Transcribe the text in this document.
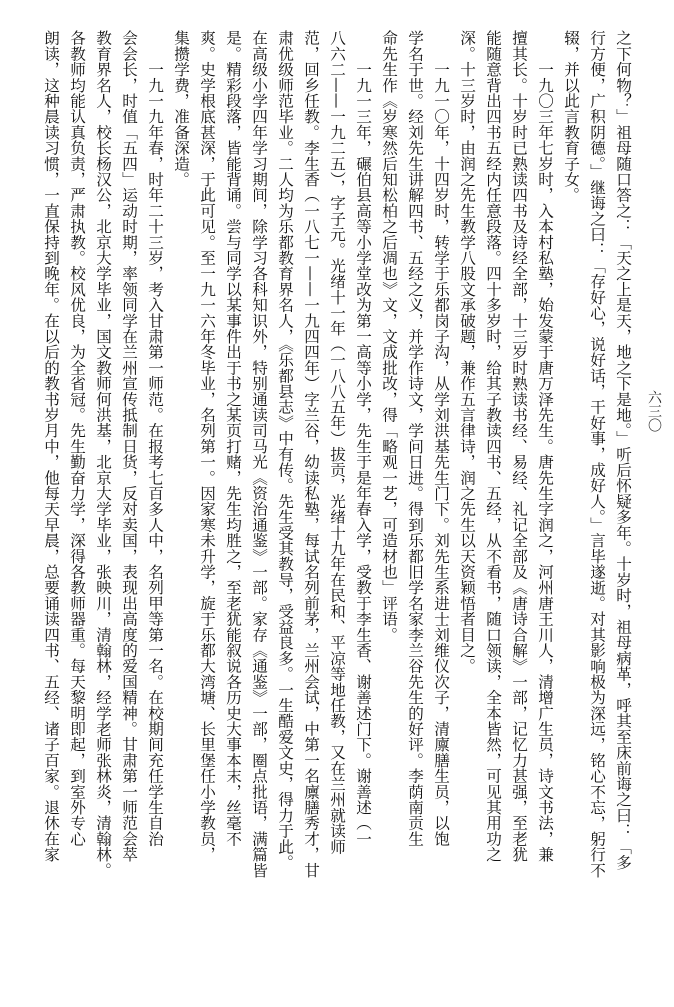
六三〇
之下何物？」祖母随口答之：「天之上是天，地之下是地。」听后怀疑多年。十岁时，祖母病革，呼其至床前诲之曰：「多
行方便，广积阴德。」继诲之曰：「存好心，说好话，干好事，成好人。」言毕遂逝。对其影响极为深远，铭心不忘，躬行不
辍，并以此言教育子女。
　　一九〇三年七岁时，入本村私塾，始发蒙于唐万泽先生。唐先生字润之，河州唐王川人，清增广生员，诗文书法，兼
擅其长。十岁时已熟读四书及诗经全部，十三岁时熟读书经、易经、礼记全部及《唐诗合解》一部，记忆力甚强，至老犹
能随意背出四书五经内任意段落。四十多岁时，给其子教读四书、五经，从不看书，随口领读，全本皆然，可见其用功之
深。十三岁时，由润之先生教学八股文承破题，兼作五言律诗，润之先生以天资颖悟者目之。
　　一九一〇年，十四岁时，转学于乐都岗子沟，从学刘洪基先生门下。刘先生系进士刘维仪次子，清廪膳生员，以饱
学名于世。经刘先生讲解四书、五经之义，并学作诗文，学问日进。得到乐都旧学名家李兰谷先生的好评。李荫南贡生
命先生作《岁寒然后知松柏之后凋也》文，文成批改，得「略观一艺，可造材也」评语。
　　一九一三年，碾伯县高等小学堂改为第一高等小学，先生于是年春入学，受教于李生香、谢善述门下。谢善述（一
八六二——一九二五），字子元。光绪十一年（一八八五年）拔贡，光绪十九年在民和、平凉等地任教，又在兰州就读师
范，回乡任教。李生香（一八七一——一九四四年）字兰谷，幼读私塾，每试名列前茅，兰州会试，中第一名廪膳秀才，甘
肃优级师范毕业。二人均为乐都教育界名人，《乐都县志》中有传。先生受其教导，受益良多。一生酷爱文史，得力于此。
在高级小学四年学习期间，除学习各科知识外，特别通读司马光《资治通鉴》一部。家存《通鉴》一部，圈点批语，满篇皆
是。精彩段落，皆能背诵。尝与同学以某事件出于书之某页打赌，先生均胜之，至老犹能叙说各历史大事本末，丝毫不
爽。史学根底甚深，于此可见。至一九一六年冬毕业，名列第一。因家寒未升学，旋于乐都大湾塘、长里堡任小学教员，
集攒学费，准备深造。
　　一九一九年春，时年二十三岁，考入甘肃第一师范。在报考七百多人中，名列甲等第一名。在校期间充任学生自治
会会长，时值「五四」运动时期，率领同学在兰州宣传抵制日货，反对卖国，表现出高度的爱国精神。甘肃第一师范会萃
教育界名人，校长杨汉公，北京大学毕业，国文教师何洪基，北京大学毕业，张映川，清翰林，经学老师张林炎，清翰林。
各教师均能认真负责，严肃执教。校风优良，为全省冠。先生勤奋力学，深得各教师器重。每天黎明即起，到室外专心
朗读，这种晨读习惯，一直保持到晚年。在以后的教书岁月中，他每天早晨，总要诵读四书、五经、诸子百家。退休在家
